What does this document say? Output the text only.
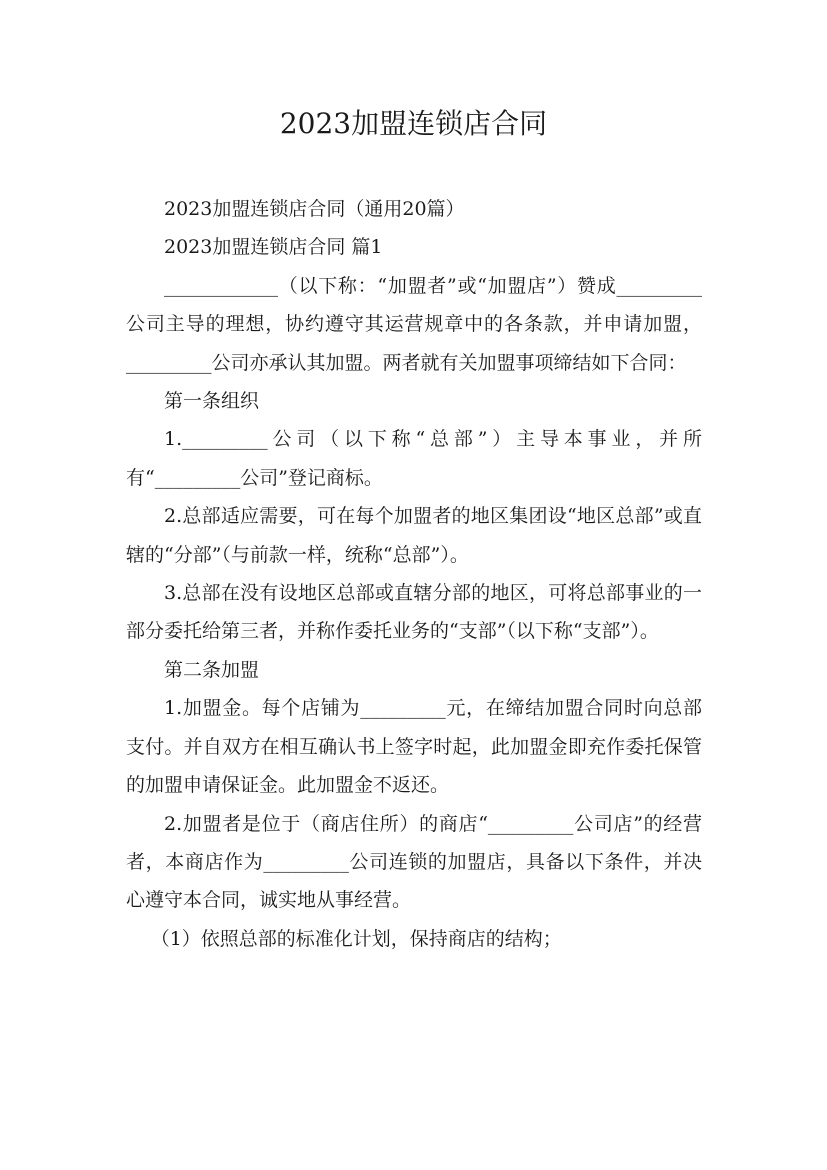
2023加盟连锁店合同

2023加盟连锁店合同（通用20篇）

2023加盟连锁店合同 篇1

____________（以下称：“加盟者”或“加盟店”）赞成_________公司主导的理想，协约遵守其运营规章中的各条款，并申请加盟，_________公司亦承认其加盟。两者就有关加盟事项缔结如下合同：

第一条组织

1._________公司（以下称“总部”）主导本事业，并所有“_________公司”登记商标。

2.总部适应需要，可在每个加盟者的地区集团设“地区总部”或直辖的“分部”（与前款一样，统称“总部”）。

3.总部在没有设地区总部或直辖分部的地区，可将总部事业的一部分委托给第三者，并称作委托业务的“支部”（以下称“支部”）。

第二条加盟

1.加盟金。每个店铺为_________元，在缔结加盟合同时向总部支付。并自双方在相互确认书上签字时起，此加盟金即充作委托保管的加盟申请保证金。此加盟金不返还。

2.加盟者是位于（商店住所）的商店“_________公司店”的经营者，本商店作为_________公司连锁的加盟店，具备以下条件，并决心遵守本合同，诚实地从事经营。

（1）依照总部的标准化计划，保持商店的结构；
